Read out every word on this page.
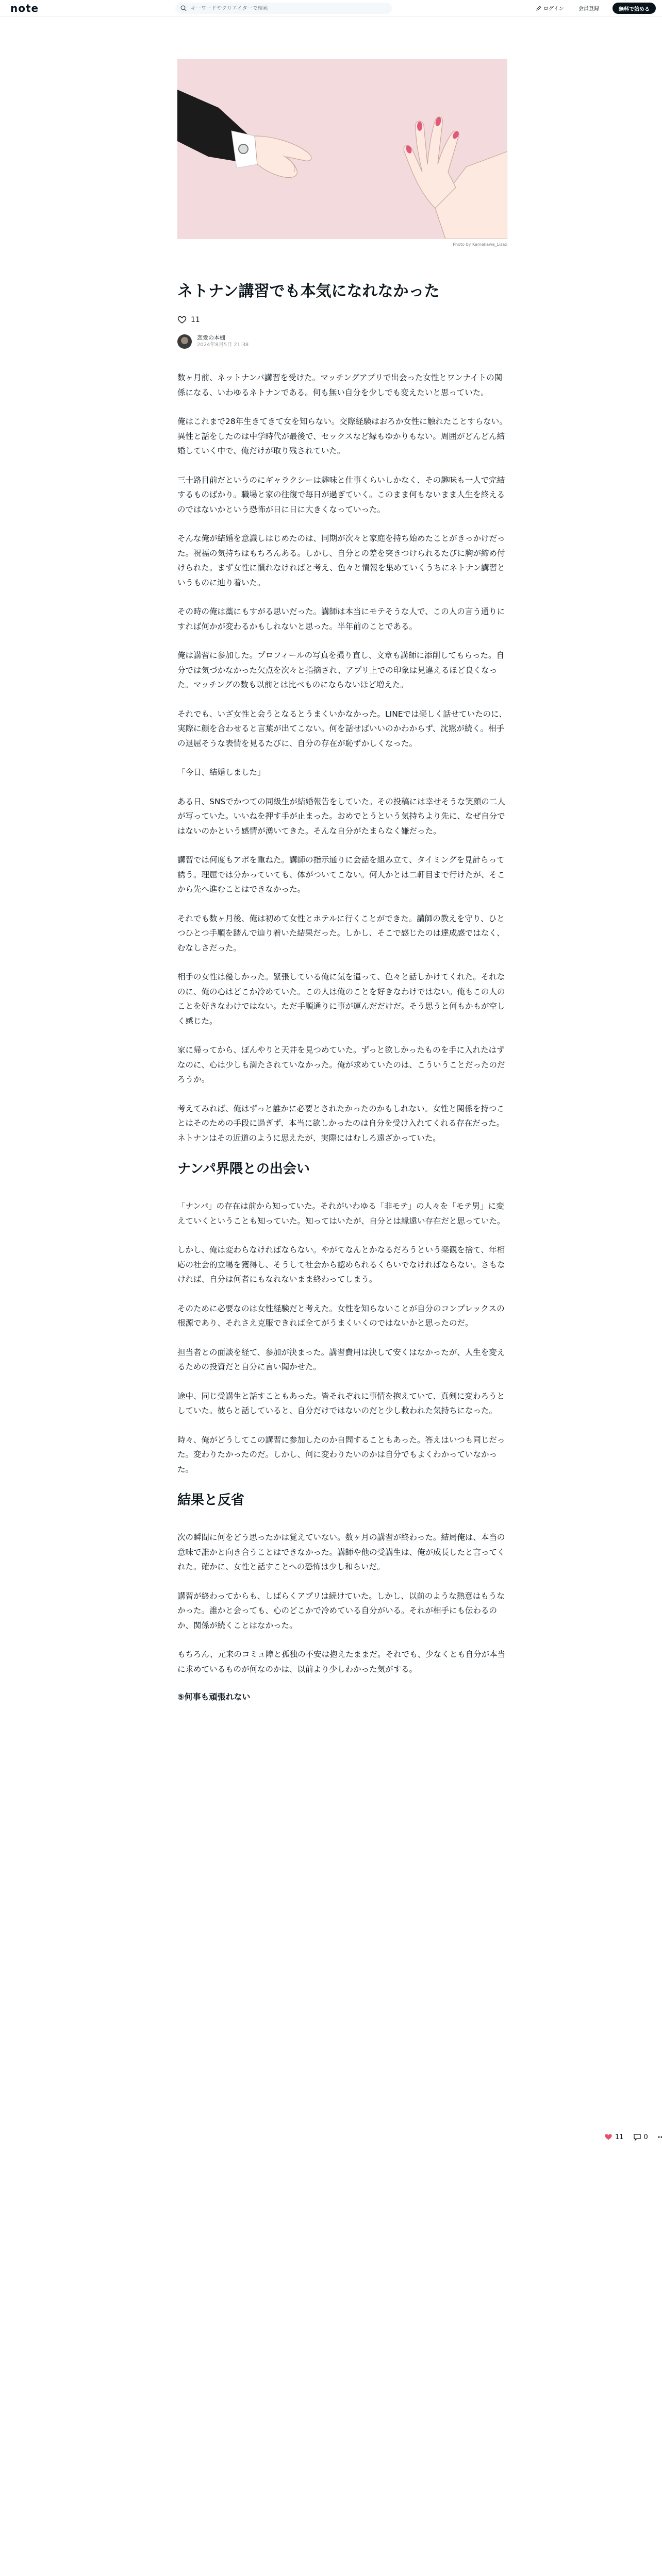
note
キーワードやクリエイターで検索	ログイン	会員登録	無料で始める
Photo by Kamekawa_Lisax
ネトナン講習でも本気になれなかった
11
恋愛の本棚
2024年8月5日 21:38

数ヶ月前、ネットナンパ講習を受けた。マッチングアプリで出会った女性とワンナイトの関係になる、いわゆるネトナンである。何も無い自分を少しでも変えたいと思っていた。

俺はこれまで28年生きてきて女を知らない。交際経験はおろか女性に触れたことすらない。異性と話をしたのは中学時代が最後で、セックスなど縁もゆかりもない。周囲がどんどん結婚していく中で、俺だけが取り残されていた。

三十路目前だというのにギャラクシーは趣味と仕事くらいしかなく、その趣味も一人で完結するものばかり。職場と家の往復で毎日が過ぎていく。このまま何もないまま人生を終えるのではないかという恐怖が日に日に大きくなっていった。

そんな俺が結婚を意識しはじめたのは、同期が次々と家庭を持ち始めたことがきっかけだった。祝福の気持ちはもちろんある。しかし、自分との差を突きつけられるたびに胸が締め付けられた。まず女性に慣れなければと考え、色々と情報を集めていくうちにネトナン講習というものに辿り着いた。

その時の俺は藁にもすがる思いだった。講師は本当にモテそうな人で、この人の言う通りにすれば何かが変わるかもしれないと思った。半年前のことである。

俺は講習に参加した。プロフィールの写真を撮り直し、文章も講師に添削してもらった。自分では気づかなかった欠点を次々と指摘され、アプリ上での印象は見違えるほど良くなった。マッチングの数も以前とは比べものにならないほど増えた。

それでも、いざ女性と会うとなるとうまくいかなかった。LINEでは楽しく話せていたのに、実際に顔を合わせると言葉が出てこない。何を話せばいいのかわからず、沈黙が続く。相手の退屈そうな表情を見るたびに、自分の存在が恥ずかしくなった。

「今日、結婚しました」

ある日、SNSでかつての同級生が結婚報告をしていた。その投稿には幸せそうな笑顔の二人が写っていた。いいねを押す手が止まった。おめでとうという気持ちより先に、なぜ自分ではないのかという感情が湧いてきた。そんな自分がたまらなく嫌だった。

講習では何度もアポを重ねた。講師の指示通りに会話を組み立て、タイミングを見計らって誘う。理屈では分かっていても、体がついてこない。何人かとは二軒目まで行けたが、そこから先へ進むことはできなかった。

それでも数ヶ月後、俺は初めて女性とホテルに行くことができた。講師の教えを守り、ひとつひとつ手順を踏んで辿り着いた結果だった。しかし、そこで感じたのは達成感ではなく、むなしさだった。

相手の女性は優しかった。緊張している俺に気を遣って、色々と話しかけてくれた。それなのに、俺の心はどこか冷めていた。この人は俺のことを好きなわけではない。俺もこの人のことを好きなわけではない。ただ手順通りに事が運んだだけだ。そう思うと何もかもが空しく感じた。

家に帰ってから、ぼんやりと天井を見つめていた。ずっと欲しかったものを手に入れたはずなのに、心は少しも満たされていなかった。俺が求めていたのは、こういうことだったのだろうか。

考えてみれば、俺はずっと誰かに必要とされたかったのかもしれない。女性と関係を持つことはそのための手段に過ぎず、本当に欲しかったのは自分を受け入れてくれる存在だった。ネトナンはその近道のように思えたが、実際にはむしろ遠ざかっていた。

ナンパ界隈との出会い

「ナンパ」の存在は前から知っていた。それがいわゆる「非モテ」の人々を「モテ男」に変えていくということも知っていた。知ってはいたが、自分とは縁遠い存在だと思っていた。

しかし、俺は変わらなければならない。やがてなんとかなるだろうという楽観を捨て、年相応の社会的立場を獲得し、そうして社会から認められるくらいでなければならない。さもなければ、自分は何者にもなれないまま終わってしまう。

そのために必要なのは女性経験だと考えた。女性を知らないことが自分のコンプレックスの根源であり、それさえ克服できれば全てがうまくいくのではないかと思ったのだ。

担当者との面談を経て、参加が決まった。講習費用は決して安くはなかったが、人生を変えるための投資だと自分に言い聞かせた。

途中、同じ受講生と話すこともあった。皆それぞれに事情を抱えていて、真剣に変わろうとしていた。彼らと話していると、自分だけではないのだと少し救われた気持ちになった。

時々、俺がどうしてこの講習に参加したのか自問することもあった。答えはいつも同じだった。変わりたかったのだ。しかし、何に変わりたいのかは自分でもよくわかっていなかった。

結果と反省

次の瞬間に何をどう思ったかは覚えていない。数ヶ月の講習が終わった。結局俺は、本当の意味で誰かと向き合うことはできなかった。講師や他の受講生は、俺が成長したと言ってくれた。確かに、女性と話すことへの恐怖は少し和らいだ。

講習が終わってからも、しばらくアプリは続けていた。しかし、以前のような熱意はもうなかった。誰かと会っても、心のどこかで冷めている自分がいる。それが相手にも伝わるのか、関係が続くことはなかった。

もちろん、元来のコミュ障と孤独の不安は抱えたままだ。それでも、少なくとも自分が本当に求めているものが何なのかは、以前より少しわかった気がする。

⑤何事も頑張れない
11	0
